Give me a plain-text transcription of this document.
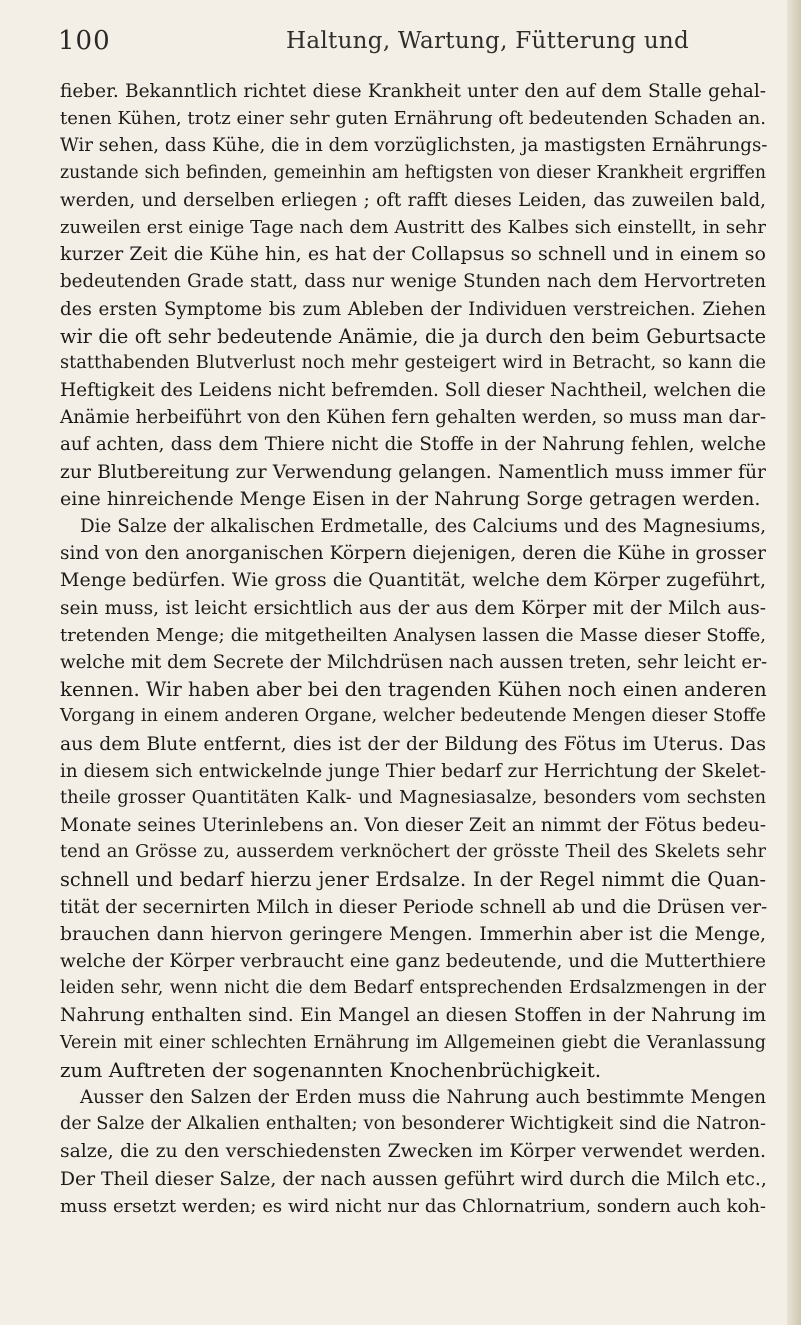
100	Haltung, Wartung, Fütterung und
fieber. Bekanntlich richtet diese Krankheit unter den auf dem Stalle gehal-
tenen Kühen, trotz einer sehr guten Ernährung oft bedeutenden Schaden an.
Wir sehen, dass Kühe, die in dem vorzüglichsten, ja mastigsten Ernährungs-
zustande sich befinden, gemeinhin am heftigsten von dieser Krankheit ergriffen
werden, und derselben erliegen ; oft rafft dieses Leiden, das zuweilen bald,
zuweilen erst einige Tage nach dem Austritt des Kalbes sich einstellt, in sehr
kurzer Zeit die Kühe hin, es hat der Collapsus so schnell und in einem so
bedeutenden Grade statt, dass nur wenige Stunden nach dem Hervortreten
des ersten Symptome bis zum Ableben der Individuen verstreichen. Ziehen
wir die oft sehr bedeutende Anämie, die ja durch den beim Geburtsacte
statthabenden Blutverlust noch mehr gesteigert wird in Betracht, so kann die
Heftigkeit des Leidens nicht befremden. Soll dieser Nachtheil, welchen die
Anämie herbeiführt von den Kühen fern gehalten werden, so muss man dar-
auf achten, dass dem Thiere nicht die Stoffe in der Nahrung fehlen, welche
zur Blutbereitung zur Verwendung gelangen. Namentlich muss immer für
eine hinreichende Menge Eisen in der Nahrung Sorge getragen werden.
Die Salze der alkalischen Erdmetalle, des Calciums und des Magnesiums,
sind von den anorganischen Körpern diejenigen, deren die Kühe in grosser
Menge bedürfen. Wie gross die Quantität, welche dem Körper zugeführt,
sein muss, ist leicht ersichtlich aus der aus dem Körper mit der Milch aus-
tretenden Menge; die mitgetheilten Analysen lassen die Masse dieser Stoffe,
welche mit dem Secrete der Milchdrüsen nach aussen treten, sehr leicht er-
kennen. Wir haben aber bei den tragenden Kühen noch einen anderen
Vorgang in einem anderen Organe, welcher bedeutende Mengen dieser Stoffe
aus dem Blute entfernt, dies ist der der Bildung des Fötus im Uterus. Das
in diesem sich entwickelnde junge Thier bedarf zur Herrichtung der Skelet-
theile grosser Quantitäten Kalk- und Magnesiasalze, besonders vom sechsten
Monate seines Uterinlebens an. Von dieser Zeit an nimmt der Fötus bedeu-
tend an Grösse zu, ausserdem verknöchert der grösste Theil des Skelets sehr
schnell und bedarf hierzu jener Erdsalze. In der Regel nimmt die Quan-
tität der secernirten Milch in dieser Periode schnell ab und die Drüsen ver-
brauchen dann hiervon geringere Mengen. Immerhin aber ist die Menge,
welche der Körper verbraucht eine ganz bedeutende, und die Mutterthiere
leiden sehr, wenn nicht die dem Bedarf entsprechenden Erdsalzmengen in der
Nahrung enthalten sind. Ein Mangel an diesen Stoffen in der Nahrung im
Verein mit einer schlechten Ernährung im Allgemeinen giebt die Veranlassung
zum Auftreten der sogenannten Knochenbrüchigkeit.
Ausser den Salzen der Erden muss die Nahrung auch bestimmte Mengen
der Salze der Alkalien enthalten; von besonderer Wichtigkeit sind die Natron-
salze, die zu den verschiedensten Zwecken im Körper verwendet werden.
Der Theil dieser Salze, der nach aussen geführt wird durch die Milch etc.,
muss ersetzt werden; es wird nicht nur das Chlornatrium, sondern auch koh-
